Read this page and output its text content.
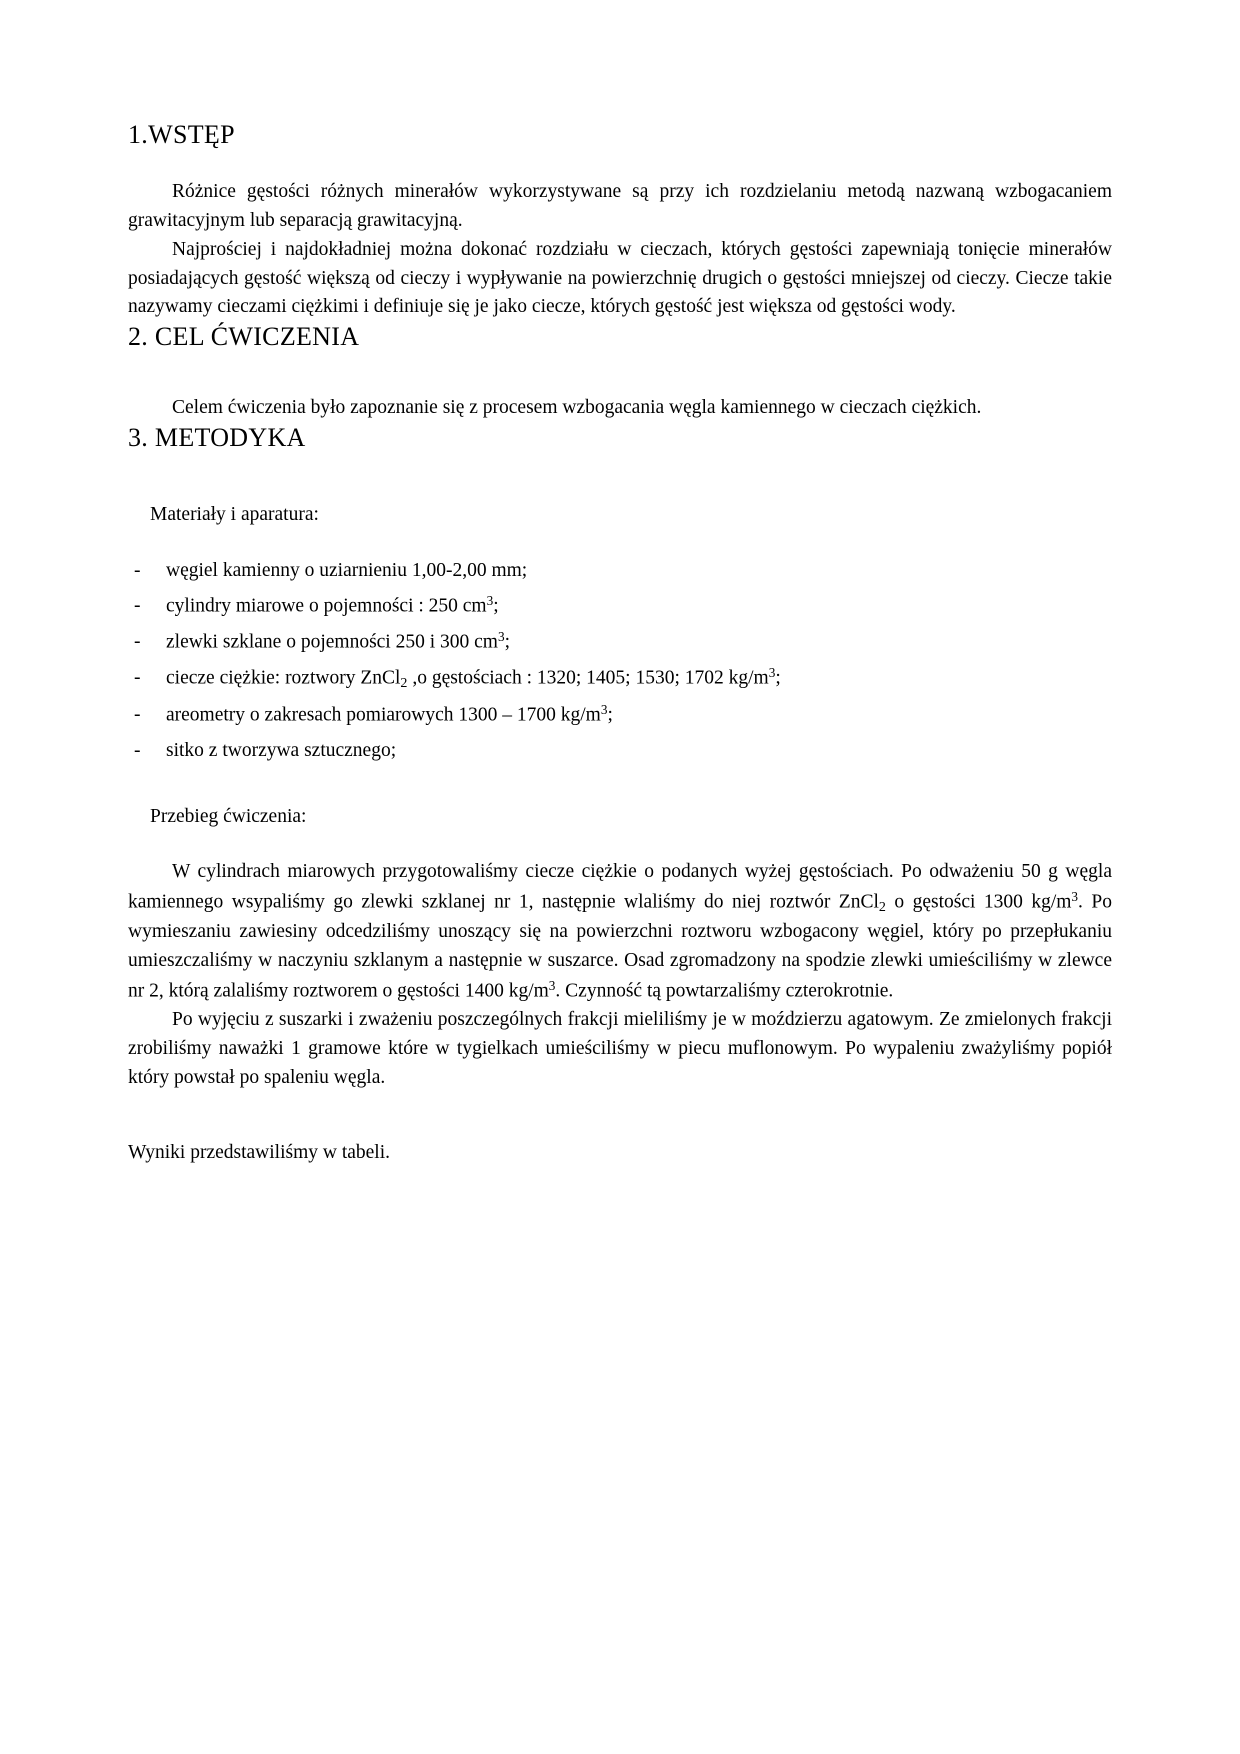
1.WSTĘP

Różnice gęstości różnych minerałów wykorzystywane są przy ich rozdzielaniu metodą nazwaną wzbogacaniem grawitacyjnym lub separacją grawitacyjną.

Najprościej i najdokładniej można dokonać rozdziału w cieczach, których gęstości zapewniają tonięcie minerałów posiadających gęstość większą od cieczy i wypływanie na powierzchnię drugich o gęstości mniejszej od cieczy. Ciecze takie nazywamy cieczami ciężkimi i definiuje się je jako ciecze, których gęstość jest większa od gęstości wody.

2. CEL ĆWICZENIA

Celem ćwiczenia było zapoznanie się z procesem wzbogacania węgla kamiennego w cieczach ciężkich.

3. METODYKA

Materiały i aparatura:

-	węgiel kamienny o uziarnieniu 1,00-2,00 mm;
-	cylindry miarowe o pojemności : 250 $cm^3$;
-	zlewki szklane o pojemności 250 i 300 $cm^3$;
-	ciecze ciężkie: roztwory ZnCl$_2$ ,o gęstościach : 1320; 1405; 1530; 1702 $kg/m^3$;
-	areometry o zakresach pomiarowych 1300 – 1700 $kg/m^3$;
-	sitko z tworzywa sztucznego;

Przebieg ćwiczenia:

W cylindrach miarowych przygotowaliśmy ciecze ciężkie o podanych wyżej gęstościach. Po odważeniu 50 g węgla kamiennego wsypaliśmy go zlewki szklanej nr 1, następnie wlaliśmy do niej roztwór ZnCl$_2$ o gęstości 1300 $kg/m^3$. Po wymieszaniu zawiesiny odcedziliśmy unoszący się na powierzchni roztworu wzbogacony węgiel, który po przepłukaniu umieszczaliśmy w naczyniu szklanym a następnie w suszarce. Osad zgromadzony na spodzie zlewki umieściliśmy w zlewce nr 2, którą zalaliśmy roztworem o gęstości 1400 $kg/m^3$. Czynność tą powtarzaliśmy czterokrotnie.

Po wyjęciu z suszarki i zważeniu poszczególnych frakcji mieliliśmy je w moździerzu agatowym. Ze zmielonych frakcji zrobiliśmy naważki 1 gramowe które w tygielkach umieściliśmy w piecu muflonowym. Po wypaleniu zważyliśmy popiół który powstał po spaleniu węgla.

Wyniki przedstawiliśmy w tabeli.
